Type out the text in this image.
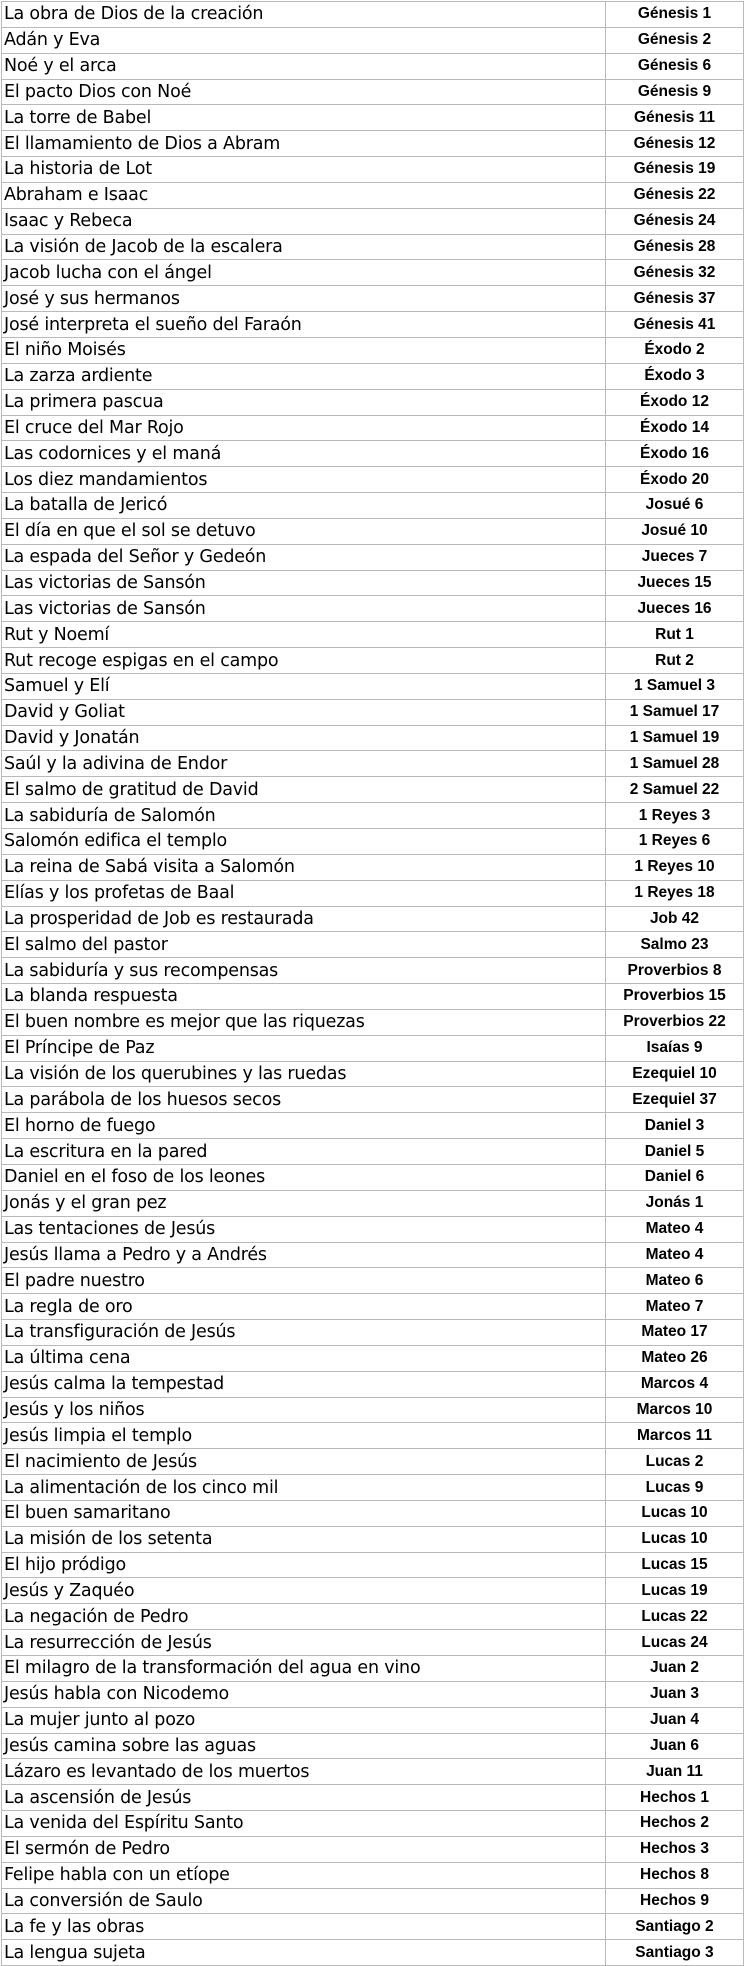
La obra de Dios de la creación	Génesis 1
Adán y Eva	Génesis 2
Noé y el arca	Génesis 6
El pacto Dios con Noé	Génesis 9
La torre de Babel	Génesis 11
El llamamiento de Dios a Abram	Génesis 12
La historia de Lot	Génesis 19
Abraham e Isaac	Génesis 22
Isaac y Rebeca	Génesis 24
La visión de Jacob de la escalera	Génesis 28
Jacob lucha con el ángel	Génesis 32
José y sus hermanos	Génesis 37
José interpreta el sueño del Faraón	Génesis 41
El niño Moisés	Éxodo 2
La zarza ardiente	Éxodo 3
La primera pascua	Éxodo 12
El cruce del Mar Rojo	Éxodo 14
Las codornices y el maná	Éxodo 16
Los diez mandamientos	Éxodo 20
La batalla de Jericó	Josué 6
El día en que el sol se detuvo	Josué 10
La espada del Señor y Gedeón	Jueces 7
Las victorias de Sansón	Jueces 15
Las victorias de Sansón	Jueces 16
Rut y Noemí	Rut 1
Rut recoge espigas en el campo	Rut 2
Samuel y Elí	1 Samuel 3
David y Goliat	1 Samuel 17
David y Jonatán	1 Samuel 19
Saúl y la adivina de Endor	1 Samuel 28
El salmo de gratitud de David	2 Samuel 22
La sabiduría de Salomón	1 Reyes 3
Salomón edifica el templo	1 Reyes 6
La reina de Sabá visita a Salomón	1 Reyes 10
Elías y los profetas de Baal	1 Reyes 18
La prosperidad de Job es restaurada	Job 42
El salmo del pastor	Salmo 23
La sabiduría y sus recompensas	Proverbios 8
La blanda respuesta	Proverbios 15
El buen nombre es mejor que las riquezas	Proverbios 22
El Príncipe de Paz	Isaías 9
La visión de los querubines y las ruedas	Ezequiel 10
La parábola de los huesos secos	Ezequiel 37
El horno de fuego	Daniel 3
La escritura en la pared	Daniel 5
Daniel en el foso de los leones	Daniel 6
Jonás y el gran pez	Jonás 1
Las tentaciones de Jesús	Mateo 4
Jesús llama a Pedro y a Andrés	Mateo 4
El padre nuestro	Mateo 6
La regla de oro	Mateo 7
La transfiguración de Jesús	Mateo 17
La última cena	Mateo 26
Jesús calma la tempestad	Marcos 4
Jesús y los niños	Marcos 10
Jesús limpia el templo	Marcos 11
El nacimiento de Jesús	Lucas 2
La alimentación de los cinco mil	Lucas 9
El buen samaritano	Lucas 10
La misión de los setenta	Lucas 10
El hijo pródigo	Lucas 15
Jesús y Zaquéo	Lucas 19
La negación de Pedro	Lucas 22
La resurrección de Jesús	Lucas 24
El milagro de la transformación del agua en vino	Juan 2
Jesús habla con Nicodemo	Juan 3
La mujer junto al pozo	Juan 4
Jesús camina sobre las aguas	Juan 6
Lázaro es levantado de los muertos	Juan 11
La ascensión de Jesús	Hechos 1
La venida del Espíritu Santo	Hechos 2
El sermón de Pedro	Hechos 3
Felipe habla con un etíope	Hechos 8
La conversión de Saulo	Hechos 9
La fe y las obras	Santiago 2
La lengua sujeta	Santiago 3
